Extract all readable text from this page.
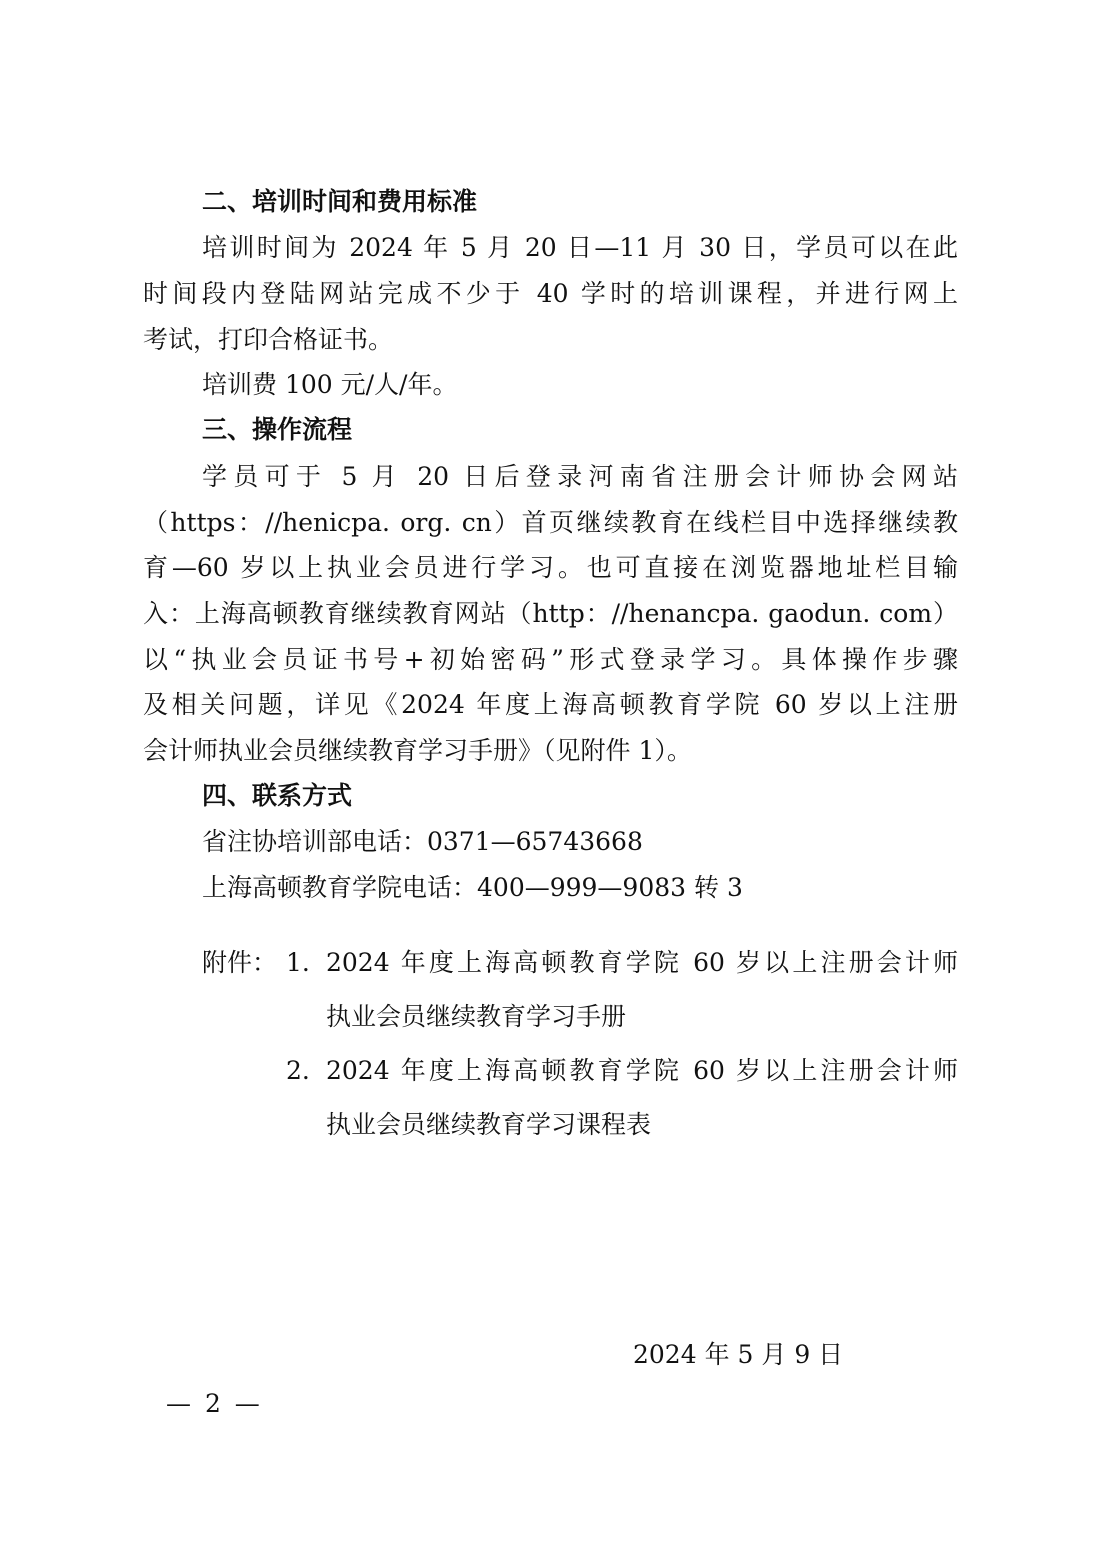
二、培训时间和费用标准
培训时间为 2024 年 5 月 20 日—11 月 30 日，学员可以在此
时间段内登陆网站完成不少于 40 学时的培训课程，并进行网上
考试，打印合格证书。
培训费 100 元/人/年。
三、操作流程
学员可于 5 月 20 日后登录河南省注册会计师协会网站
（https：//henicpa. org. cn）首页继续教育在线栏目中选择继续教
育—60 岁以上执业会员进行学习。也可直接在浏览器地址栏目输
入：上海高顿教育继续教育网站（http：//henancpa. gaodun. com）
以“执业会员证书号+初始密码”形式登录学习。具体操作步骤
及相关问题，详见《2024 年度上海高顿教育学院 60 岁以上注册
会计师执业会员继续教育学习手册》（见附件 1）。
四、联系方式
省注协培训部电话：0371—65743668
上海高顿教育学院电话：400—999—9083 转 3
附件： 1. 2024 年度上海高顿教育学院 60 岁以上注册会计师
执业会员继续教育学习手册
2. 2024 年度上海高顿教育学院 60 岁以上注册会计师
执业会员继续教育学习课程表
2024 年 5 月 9 日
— 2 —
